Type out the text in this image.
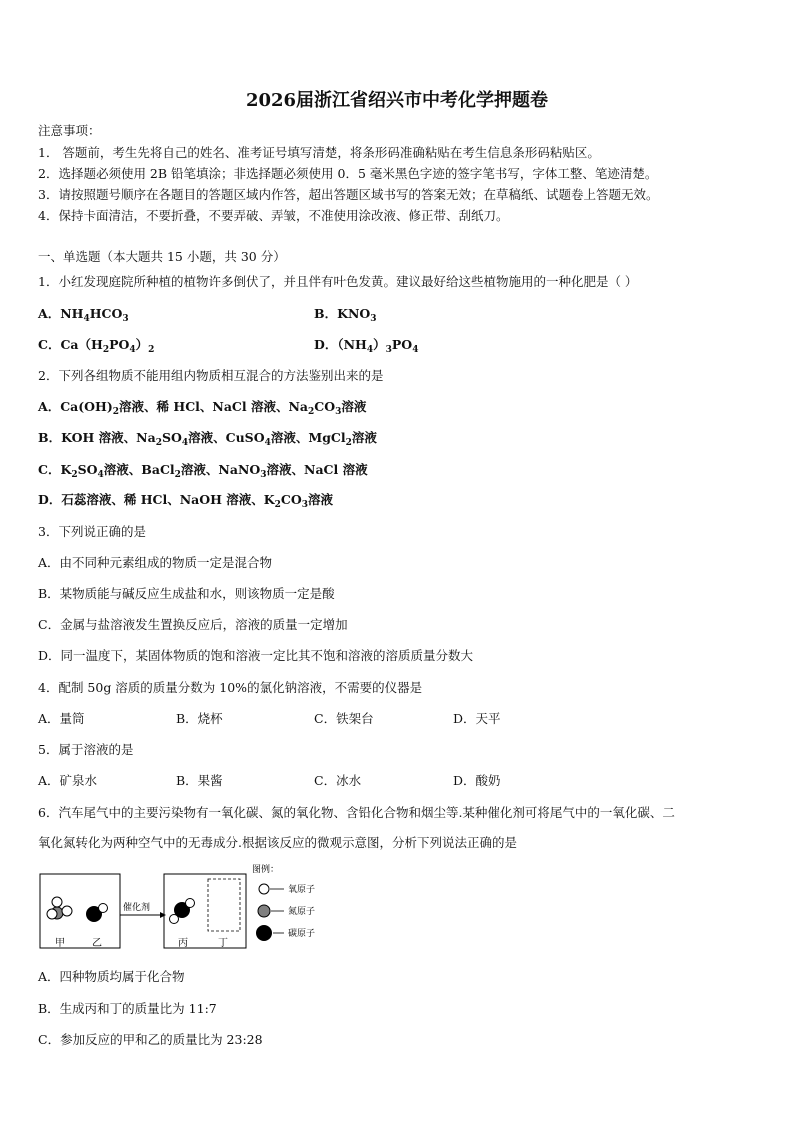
2026届浙江省绍兴市中考化学押题卷
注意事项：
1． 答题前，考生先将自己的姓名、准考证号填写清楚，将条形码准确粘贴在考生信息条形码粘贴区。
2．选择题必须使用 2B 铅笔填涂；非选择题必须使用 0．5 毫米黑色字迹的签字笔书写，字体工整、笔迹清楚。
3．请按照题号顺序在各题目的答题区域内作答，超出答题区域书写的答案无效；在草稿纸、试题卷上答题无效。
4．保持卡面清洁，不要折叠，不要弄破、弄皱，不准使用涂改液、修正带、刮纸刀。
一、单选题（本大题共 15 小题，共 30 分）
1．小红发现庭院所种植的植物许多倒伏了，并且伴有叶色发黄。建议最好给这些植物施用的一种化肥是（ ）
A．$NH_4HCO_3$	B．$KNO_3$
C．$Ca(H_2PO_4)_2$	D．$(NH_4)_3PO_4$
2．下列各组物质不能用组内物质相互混合的方法鉴别出来的是
A．$Ca(OH)_2$溶液、稀 HCl、NaCl 溶液、$Na_2CO_3$溶液
B．KOH 溶液、$Na_2SO_4$溶液、CuSO$_4$溶液、MgCl$_2$溶液
C．$K_2SO_4$溶液、BaCl$_2$溶液、NaNO$_3$溶液、NaCl 溶液
D．石蕊溶液、稀 HCl、NaOH 溶液、$K_2CO_3$溶液
3．下列说正确的是
A．由不同种元素组成的物质一定是混合物
B．某物质能与碱反应生成盐和水，则该物质一定是酸
C．金属与盐溶液发生置换反应后，溶液的质量一定增加
D．同一温度下，某固体物质的饱和溶液一定比其不饱和溶液的溶质质量分数大
4．配制 50g 溶质的质量分数为 10%的氯化钠溶液，不需要的仪器是
A．量筒	B．烧杯	C．铁架台	D．天平
5．属于溶液的是
A．矿泉水	B．果酱	C．冰水	D．酸奶
6．汽车尾气中的主要污染物有一氧化碳、氮的氧化物、含铅化合物和烟尘等.某种催化剂可将尾气中的一氧化碳、二
氧化氮转化为两种空气中的无毒成分.根据该反应的微观示意图，分析下列说法正确的是
甲	乙
催化剂
丙	丁
图例：
氧原子
氮原子
碳原子
A．四种物质均属于化合物
B．生成丙和丁的质量比为 11:7
C．参加反应的甲和乙的质量比为 23:28
